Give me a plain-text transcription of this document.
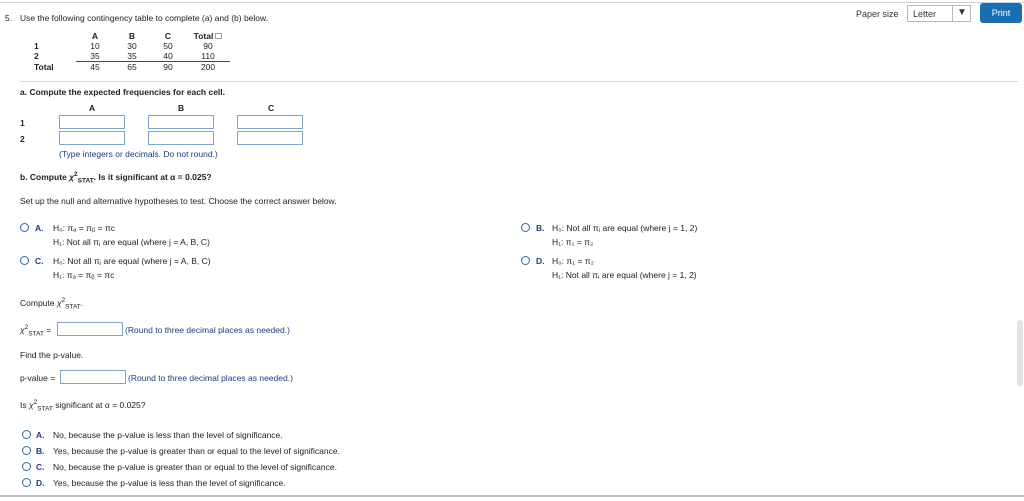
5. Use the following contingency table to complete (a) and (b) below.	Paper size Letter ▼	Print
	A	B	C	Total
1	10	30	50	90
2	35	35	40	110
Total	45	65	90	200
a. Compute the expected frequencies for each cell.
A	B	C
1
2
(Type integers or decimals. Do not round.)
b. Compute $\chi^2_{STAT}$. Is it significant at α = 0.025?
Set up the null and alternative hypotheses to test. Choose the correct answer below.
A. H₀: πₐ = πᵦ = πᴄ
H₁: Not all πⱼ are equal (where j = A, B, C)
C. H₀: Not all πⱼ are equal (where j = A, B, C)
H₁: πₐ = πᵦ = πᴄ
B. H₀: Not all πⱼ are equal (where j = 1, 2)
H₁: π₁ = π₂
D. H₀: π₁ = π₂
H₁: Not all πⱼ are equal (where j = 1, 2)
Compute $\chi^2_{STAT}$.
$\chi^2_{STAT}$ =	(Round to three decimal places as needed.)
Find the p-value.
p-value =	(Round to three decimal places as needed.)
Is $\chi^2_{STAT}$ significant at α = 0.025?
A. No, because the p-value is less than the level of significance.
B. Yes, because the p-value is greater than or equal to the level of significance.
C. No, because the p-value is greater than or equal to the level of significance.
D. Yes, because the p-value is less than the level of significance.
